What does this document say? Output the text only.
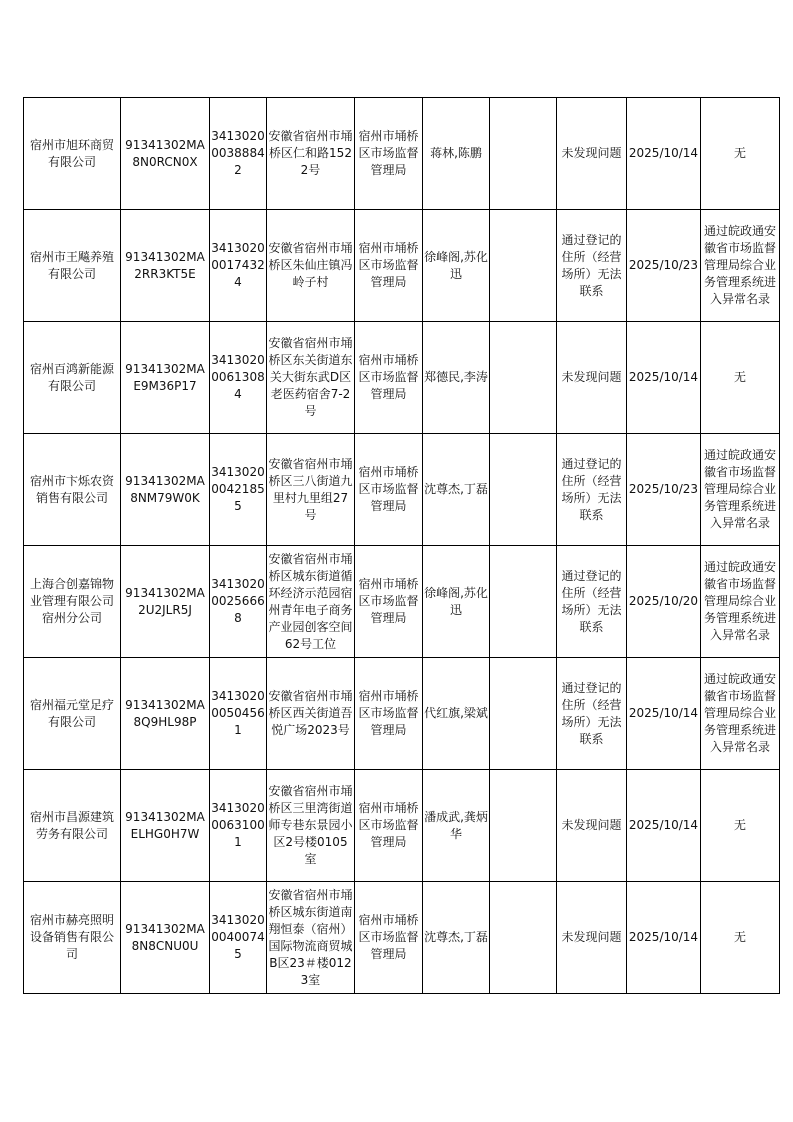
宿州市旭环商贸有限公司	91341302MA8N0RCN0X	341302000388842	安徽省宿州市埇桥区仁和路1522号	宿州市埇桥区市场监督管理局	蒋林,陈鹏		未发现问题	2025/10/14	无
宿州市王飚养殖有限公司	91341302MA2RR3KT5E	341302000174324	安徽省宿州市埇桥区朱仙庄镇冯岭子村	宿州市埇桥区市场监督管理局	徐峰阁,苏化迅		通过登记的住所（经营场所）无法联系	2025/10/23	通过皖政通安徽省市场监督管理局综合业务管理系统进入异常名录
宿州百鸿新能源有限公司	91341302MAE9M36P17	341302000613084	安徽省宿州市埇桥区东关街道东关大街东武D区老医药宿舍7-2号	宿州市埇桥区市场监督管理局	郑德民,李涛		未发现问题	2025/10/14	无
宿州市卞烁农资销售有限公司	91341302MA8NM79W0K	341302000421855	安徽省宿州市埇桥区三八街道九里村九里组27号	宿州市埇桥区市场监督管理局	沈尊杰,丁磊		通过登记的住所（经营场所）无法联系	2025/10/23	通过皖政通安徽省市场监督管理局综合业务管理系统进入异常名录
上海合创嘉锦物业管理有限公司宿州分公司	91341302MA2U2JLR5J	341302000256668	安徽省宿州市埇桥区城东街道循环经济示范园宿州青年电子商务产业园创客空间62号工位	宿州市埇桥区市场监督管理局	徐峰阁,苏化迅		通过登记的住所（经营场所）无法联系	2025/10/20	通过皖政通安徽省市场监督管理局综合业务管理系统进入异常名录
宿州福元堂足疗有限公司	91341302MA8Q9HL98P	341302000504561	安徽省宿州市埇桥区西关街道吾悦广场2023号	宿州市埇桥区市场监督管理局	代红旗,梁斌		通过登记的住所（经营场所）无法联系	2025/10/14	通过皖政通安徽省市场监督管理局综合业务管理系统进入异常名录
宿州市昌源建筑劳务有限公司	91341302MAELHG0H7W	341302000631001	安徽省宿州市埇桥区三里湾街道师专巷东景园小区2号楼0105室	宿州市埇桥区市场监督管理局	潘成武,龚炳华		未发现问题	2025/10/14	无
宿州市赫亮照明设备销售有限公司	91341302MA8N8CNU0U	341302000400745	安徽省宿州市埇桥区城东街道南翔恒泰（宿州）国际物流商贸城B区23＃楼0123室	宿州市埇桥区市场监督管理局	沈尊杰,丁磊		未发现问题	2025/10/14	无
